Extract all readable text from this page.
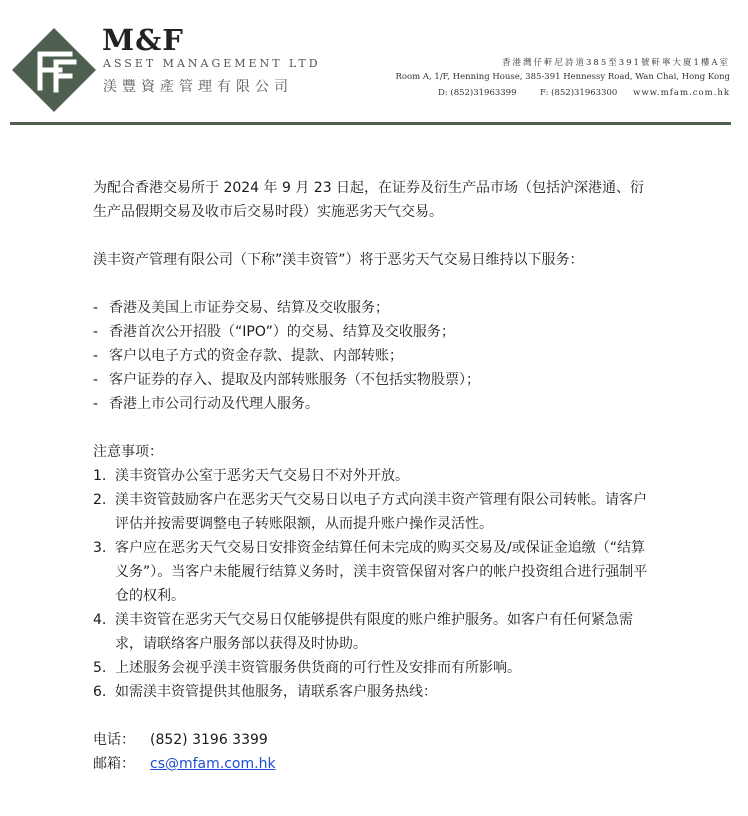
M&F
ASSET MANAGEMENT LTD
渼豐資產管理有限公司
香港灣仔軒尼詩道385至391號軒寧大廈1樓A室
Room A, 1/F, Henning House, 385-391 Hennessy Road, Wan Chai, Hong Kong
D: (852)31963399	F: (852)31963300 www.mfam.com.hk

为配合香港交易所于 2024 年 9 月 23 日起，在证券及衍生产品市场（包括沪深港通、衍生产品假期交易及收市后交易时段）实施恶劣天气交易。

渼丰资产管理有限公司（下称”渼丰资管”）将于恶劣天气交易日维持以下服务：

- 香港及美国上市证券交易、结算及交收服务；

- 香港首次公开招股（“IPO”）的交易、结算及交收服务；

- 客户以电子方式的资金存款、提款、内部转账；

- 客户证券的存入、提取及内部转账服务（不包括实物股票）；

- 香港上市公司行动及代理人服务。

注意事项：

1. 渼丰资管办公室于恶劣天气交易日不对外开放。

2. 渼丰资管鼓励客户在恶劣天气交易日以电子方式向渼丰资产管理有限公司转帐。请客户评估并按需要调整电子转账限额，从而提升账户操作灵活性。

3. 客户应在恶劣天气交易日安排资金结算任何未完成的购买交易及/或保证金追缴（“结算义务”）。当客户未能履行结算义务时，渼丰资管保留对客户的帐户投资组合进行强制平仓的权利。

4. 渼丰资管在恶劣天气交易日仅能够提供有限度的账户维护服务。如客户有任何紧急需求，请联络客户服务部以获得及时协助。

5. 上述服务会视乎渼丰资管服务供货商的可行性及安排而有所影响。

6. 如需渼丰资管提供其他服务，请联系客户服务热线：

电话： (852) 3196 3399
邮箱： cs@mfam.com.hk
